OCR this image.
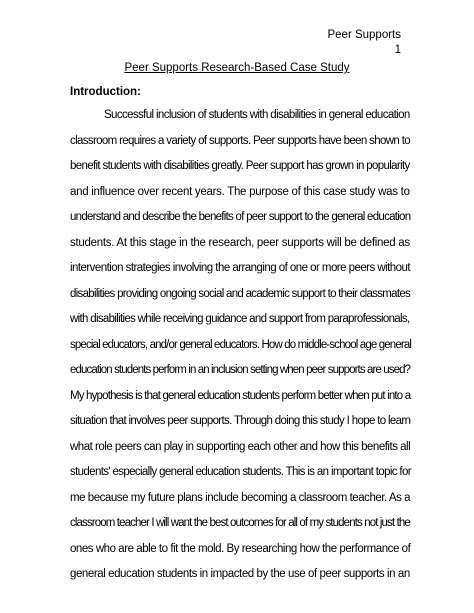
Peer Supports
1
Peer Supports Research-Based Case Study
Introduction:
Successful inclusion of students with disabilities in general education
classroom requires a variety of supports. Peer supports have been shown to
benefit students with disabilities greatly. Peer support has grown in popularity
and influence over recent years. The purpose of this case study was to
understand and describe the benefits of peer support to the general education
students. At this stage in the research, peer supports will be defined as
intervention strategies involving the arranging of one or more peers without
disabilities providing ongoing social and academic support to their classmates
with disabilities while receiving guidance and support from paraprofessionals,
special educators, and/or general educators. How do middle-school age general
education students perform in an inclusion setting when peer supports are used?
My hypothesis is that general education students perform better when put into a
situation that involves peer supports. Through doing this study I hope to learn
what role peers can play in supporting each other and how this benefits all
students' especially general education students. This is an important topic for
me because my future plans include becoming a classroom teacher. As a
classroom teacher I will want the best outcomes for all of my students not just the
ones who are able to fit the mold. By researching how the performance of
general education students in impacted by the use of peer supports in an
